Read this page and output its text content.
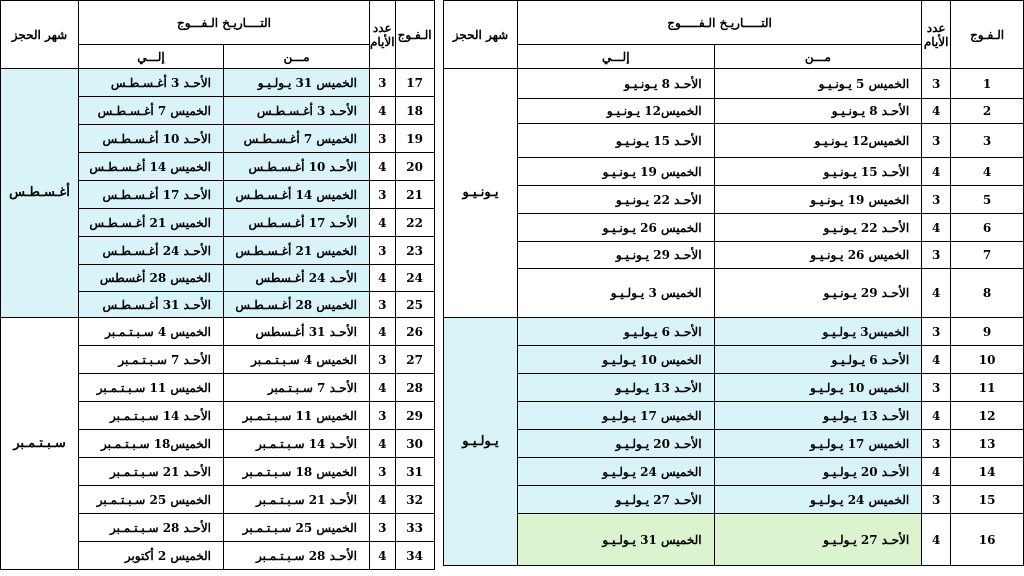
الـفـوج	عدد
الأيام	التــــاريـخ الـفـــوج		شهر الحجز
		مـــن	إلـــي	
17	3	الخميس 31 يـولـيـو	الأحـد 3 أغـسـطـس	أغـسـطـس
18	4	الأحـد 3 أغـسـطـس	الخميس 7 أغـسـطـس	
19	3	الخميس 7 أغـسـطـس	الأحـد 10 أغـسـطـس	
20	4	الأحـد 10 أغـسـطـس	الخميس 14 أغـسـطـس	
21	3	الخميس 14 أغـسـطـس	الأحـد 17 أغـسـطـس	
22	4	الأحـد 17 أغـسـطـس	الخميس 21 أغـسـطـس	
23	3	الخميس 21 أغـسـطـس	الأحـد 24 أغـسـطـس	
24	4	الأحـد 24 أغـسطس	الخميس 28 أغسطس	
25	3	الخميس 28 أغـسـطـس	الأحـد 31 أغـسـطـس	
26	4	الأحـد 31 أغـسطس	الخميس 4 سـبـتـمـبر	سـبـتـمـبر
27	3	الخميس 4 سـبـتـمـبر	الأحـد 7 سـبـتـمـبر	
28	4	الأحـد 7 سـبـتـمبر	الخميس 11 سـبـتـمـبر	
29	3	الخميس 11 سـبـتـمـبر	الأحـد 14 سـبـتـمـبر	
30	4	الأحـد 14 سـبـتـمـبر	الخميس18 سـبـتـمـبر	
31	3	الخميس 18 سـبـتـمـبر	الأحـد 21 سـبـتـمـبر	
32	4	الأحـد 21 سـبـتـمـبر	الخميس 25 سـبـتـمـبر	
33	3	الخميس 25 سـبـتـمـبر	الأحـد 28 سـبـتـمـبر	
34	4	الأحـد 28 سـبـتـمـبر	الخميس 2 أكتوبر	
الـفـوج	عدد
الأيام	التـــــاريـخ الـفـــــوج		شهر الحجز
		مـــن	إلـــي	
1	3	الخميس 5 يـونـيـو	الأحـد 8 يـونـيـو	يـونـيـو
2	4	الأحـد 8 يـونـيـو	الخميس12 يـونـيـو	
3	3	الخميس12 يـونـيـو	الأحـد 15 يـونـيـو	
4	4	الأحـد 15 يـونـيـو	الخميس 19 يـونـيـو	
5	3	الخميس 19 يـونـيـو	الأحـد 22 يـونـيـو	
6	4	الأحـد 22 يـونـيـو	الخميس 26 يـونـيـو	
7	3	الخميس 26 يـونـيـو	الأحـد 29 يـونـيـو	
8	4	الأحـد 29 يـونـيـو	الخميس 3 يـولـيـو	
9	3	الخميس3 يـولـيـو	الأحـد 6 يـولـيـو	يـولـيـو
10	4	الأحـد 6 يـولـيـو	الخميس 10 يـولـيـو	
11	3	الخميس 10 يـولـيـو	الأحـد 13 يـولـيـو	
12	4	الأحـد 13 يـولـيـو	الخميس 17 يـولـيـو	
13	3	الخميس 17 يـولـيـو	الأحـد 20 يـولـيـو	
14	4	الأحـد 20 يـولـيـو	الخميس 24 يـولـيـو	
15	3	الخميس 24 يـولـيـو	الأحـد 27 يـولـيـو	
16	4	الأحـد 27 يـولـيـو	الخميس 31 يـولـيـو	
